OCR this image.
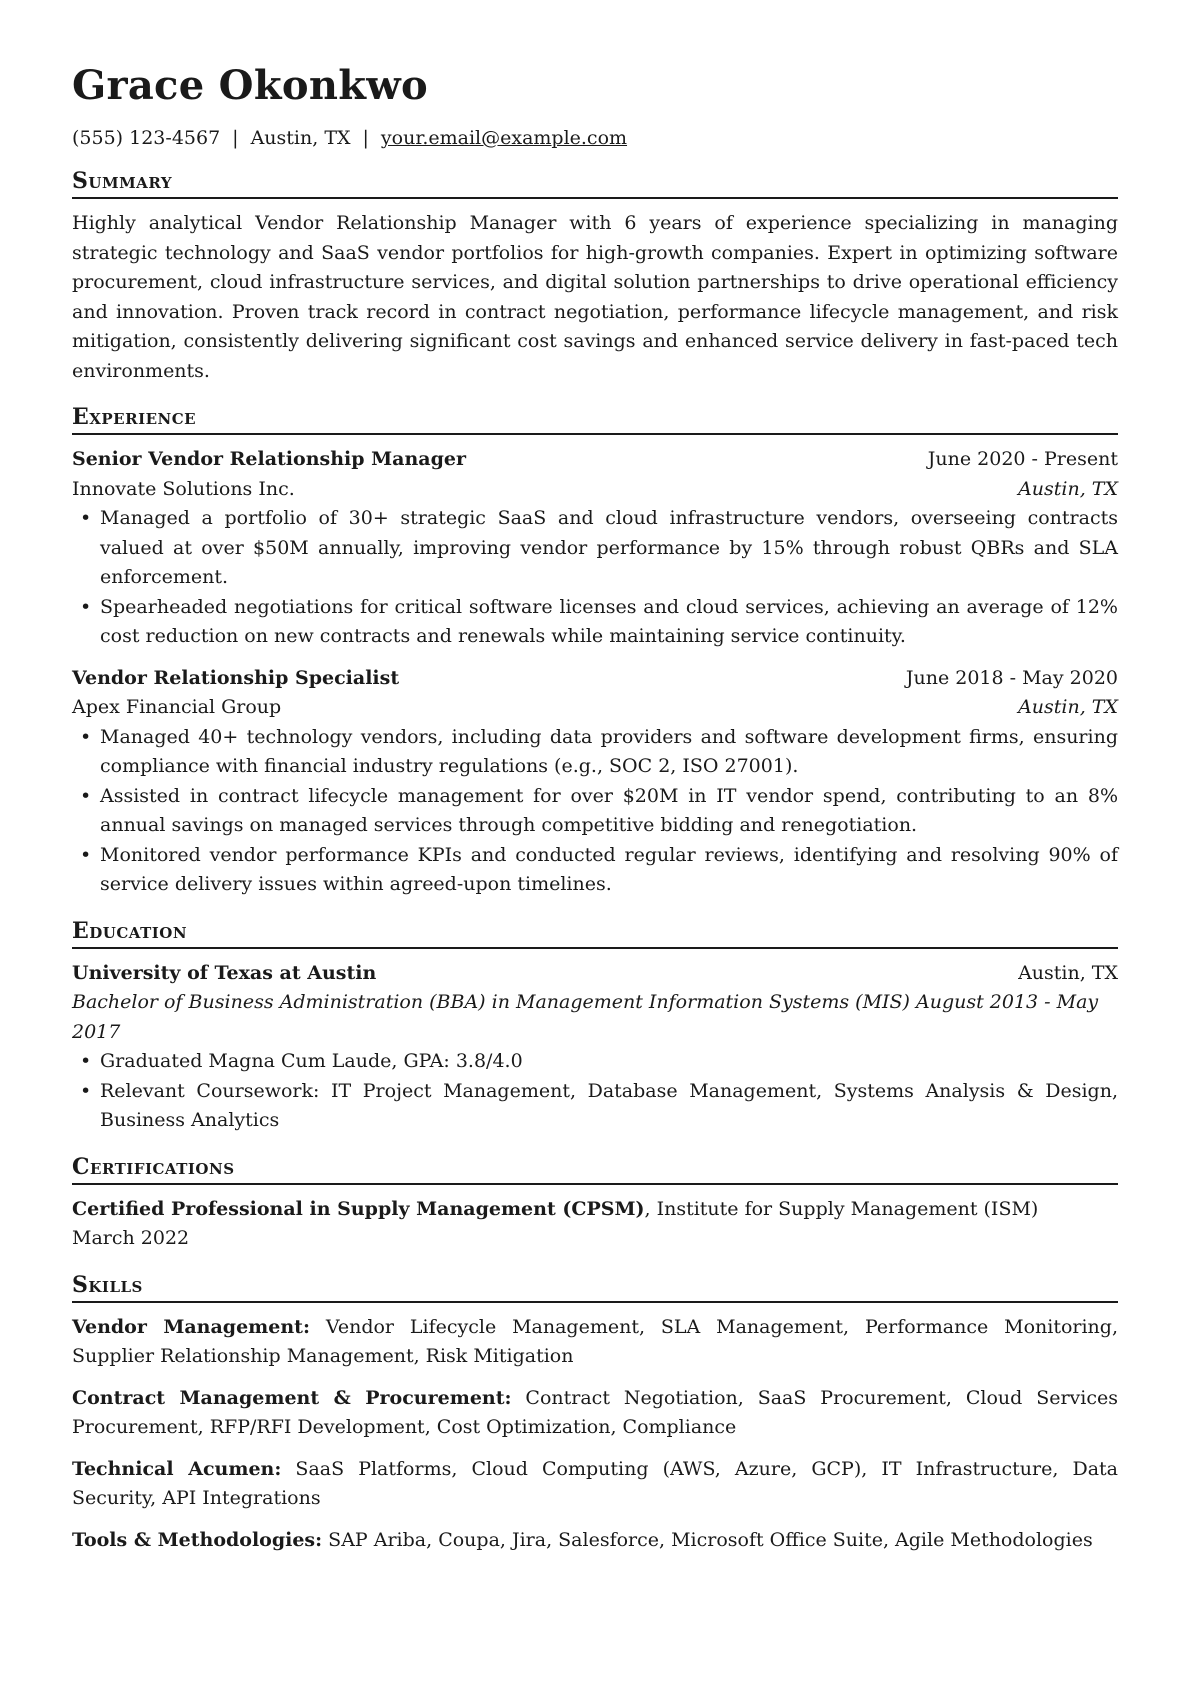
Grace Okonkwo
(555) 123-4567 | Austin, TX | your.email@example.com
Summary

Highly analytical Vendor Relationship Manager with 6 years of experience specializing in managing strategic technology and SaaS vendor portfolios for high-growth companies. Expert in optimizing software procurement, cloud infrastructure services, and digital solution partnerships to drive operational efficiency and innovation. Proven track record in contract negotiation, performance lifecycle management, and risk mitigation, consistently delivering significant cost savings and enhanced service delivery in fast-paced tech environments.

Experience
Senior Vendor Relationship Manager	June 2020 - Present
Innovate Solutions Inc.	Austin, TX
• Managed a portfolio of 30+ strategic SaaS and cloud infrastructure vendors, overseeing contracts valued at over $50M annually, improving vendor performance by 15% through robust QBRs and SLA enforcement.
• Spearheaded negotiations for critical software licenses and cloud services, achieving an average of 12% cost reduction on new contracts and renewals while maintaining service continuity.
Vendor Relationship Specialist	June 2018 - May 2020
Apex Financial Group	Austin, TX
• Managed 40+ technology vendors, including data providers and software development firms, ensuring compliance with financial industry regulations (e.g., SOC 2, ISO 27001).
• Assisted in contract lifecycle management for over $20M in IT vendor spend, contributing to an 8% annual savings on managed services through competitive bidding and renegotiation.
• Monitored vendor performance KPIs and conducted regular reviews, identifying and resolving 90% of service delivery issues within agreed-upon timelines.
Education
University of Texas at Austin	Austin, TX
Bachelor of Business Administration (BBA) in Management Information Systems (MIS) August 2013 - May 2017
• Graduated Magna Cum Laude, GPA: 3.8/4.0
• Relevant Coursework: IT Project Management, Database Management, Systems Analysis & Design, Business Analytics
Certifications
Certified Professional in Supply Management (CPSM), Institute for Supply Management (ISM)
March 2022
Skills
Vendor Management: Vendor Lifecycle Management, SLA Management, Performance Monitoring, Supplier Relationship Management, Risk Mitigation
Contract Management & Procurement: Contract Negotiation, SaaS Procurement, Cloud Services Procurement, RFP/RFI Development, Cost Optimization, Compliance
Technical Acumen: SaaS Platforms, Cloud Computing (AWS, Azure, GCP), IT Infrastructure, Data Security, API Integrations
Tools & Methodologies: SAP Ariba, Coupa, Jira, Salesforce, Microsoft Office Suite, Agile Methodologies
